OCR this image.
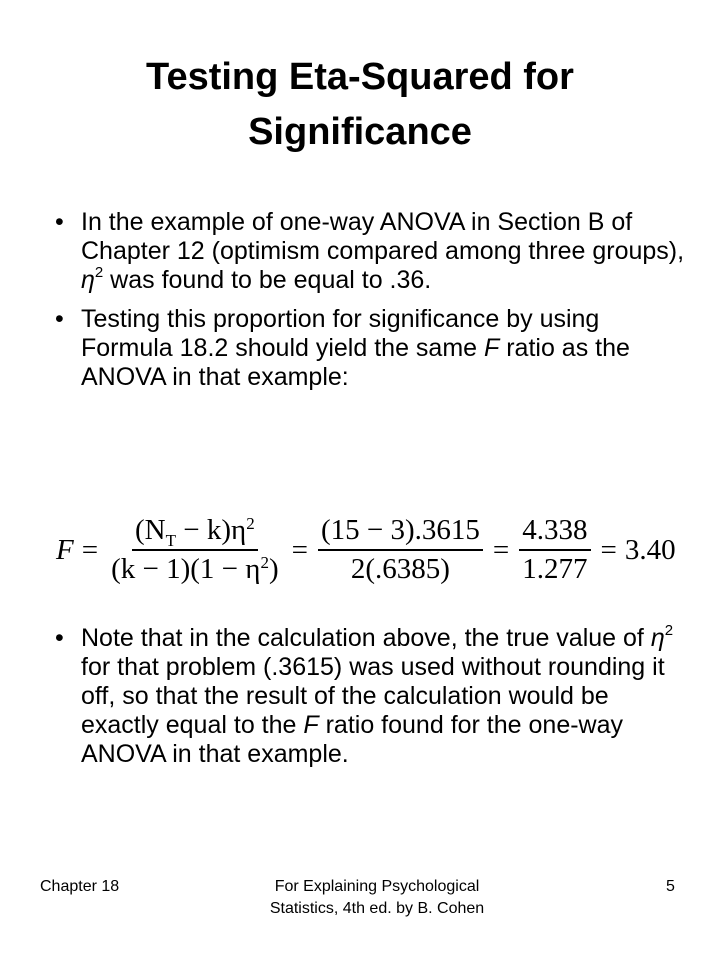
Testing Eta-Squared for
Significance
• In the example of one-way ANOVA in Section B of Chapter 12 (optimism compared among three groups), $\eta^2$ was found to be equal to .36.
• Testing this proportion for significance by using Formula 18.2 should yield the same F ratio as the ANOVA in that example:
$F = \frac{(N_T - k)\eta^2}{(k - 1)(1 - \eta^2)} = \frac{(15 - 3).3615}{2(.6385)} = \frac{4.338}{1.277} = 3.40$
• Note that in the calculation above, the true value of $\eta^2$ for that problem (.3615) was used without rounding it off, so that the result of the calculation would be exactly equal to the F ratio found for the one-way ANOVA in that example.
Chapter 18	For Explaining Psychological
Statistics, 4th ed. by B. Cohen
5
